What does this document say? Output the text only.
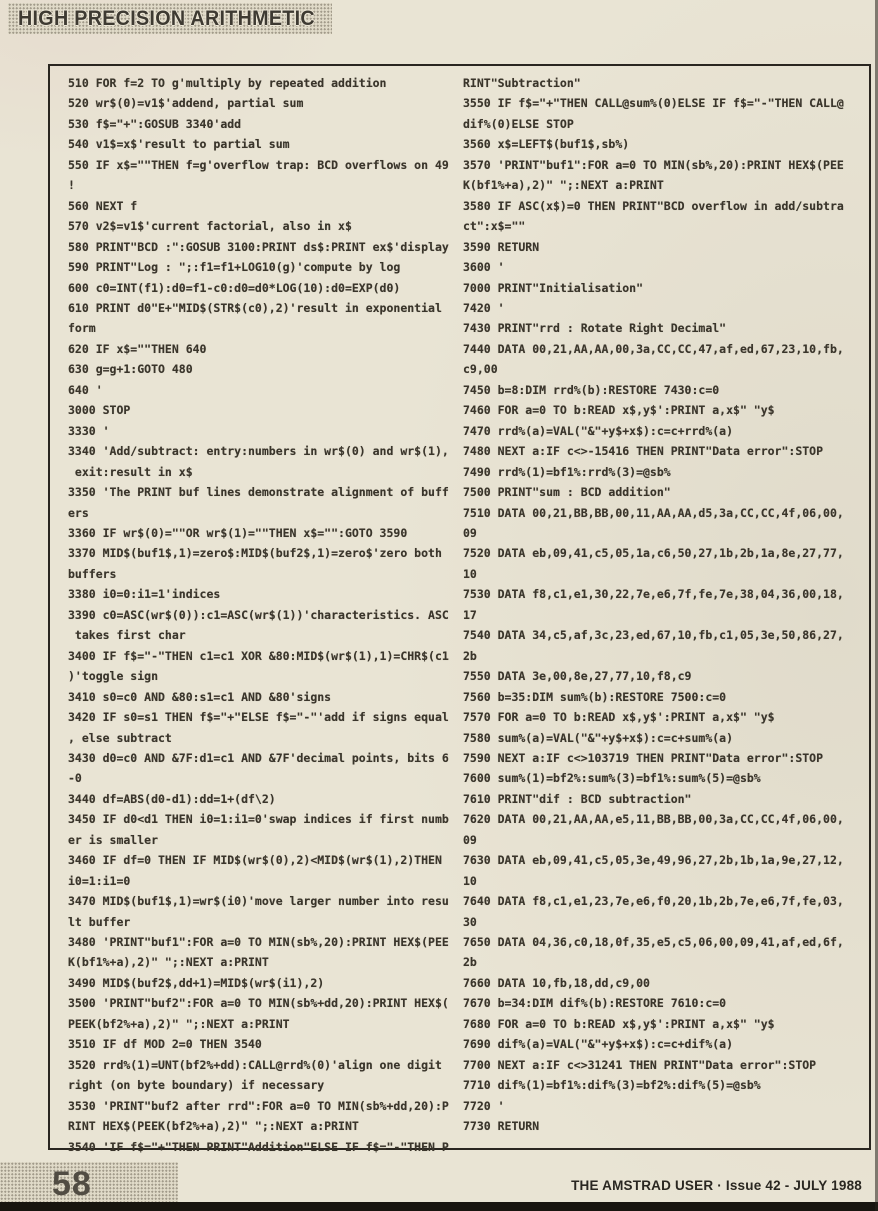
HIGH PRECISION ARITHMETIC
510 FOR f=2 TO g'multiply by repeated addition
520 wr$(0)=v1$'addend, partial sum
530 f$="+":GOSUB 3340'add
540 v1$=x$'result to partial sum
550 IF x$=""THEN f=g'overflow trap: BCD overflows on 49
!
560 NEXT f
570 v2$=v1$'current factorial, also in x$
580 PRINT"BCD :":GOSUB 3100:PRINT ds$:PRINT ex$'display
590 PRINT"Log : ";:f1=f1+LOG10(g)'compute by log
600 c0=INT(f1):d0=f1-c0:d0=d0*LOG(10):d0=EXP(d0)
610 PRINT d0"E+"MID$(STR$(c0),2)'result in exponential
form
620 IF x$=""THEN 640
630 g=g+1:GOTO 480
640 '
3000 STOP
3330 '
3340 'Add/subtract: entry:numbers in wr$(0) and wr$(1),
exit:result in x$
3350 'The PRINT buf lines demonstrate alignment of buff
ers
3360 IF wr$(0)=""OR wr$(1)=""THEN x$="":GOTO 3590
3370 MID$(buf1$,1)=zero$:MID$(buf2$,1)=zero$'zero both
buffers
3380 i0=0:i1=1'indices
3390 c0=ASC(wr$(0)):c1=ASC(wr$(1))'characteristics. ASC
takes first char
3400 IF f$="-"THEN c1=c1 XOR &80:MID$(wr$(1),1)=CHR$(c1
)'toggle sign
3410 s0=c0 AND &80:s1=c1 AND &80'signs
3420 IF s0=s1 THEN f$="+"ELSE f$="-"'add if signs equal
, else subtract
3430 d0=c0 AND &7F:d1=c1 AND &7F'decimal points, bits 6
-0
3440 df=ABS(d0-d1):dd=1+(df\2)
3450 IF d0<d1 THEN i0=1:i1=0'swap indices if first numb
er is smaller
3460 IF df=0 THEN IF MID$(wr$(0),2)<MID$(wr$(1),2)THEN
i0=1:i1=0
3470 MID$(buf1$,1)=wr$(i0)'move larger number into resu
lt buffer
3480 'PRINT"buf1":FOR a=0 TO MIN(sb%,20):PRINT HEX$(PEE
K(bf1%+a),2)" ";:NEXT a:PRINT
3490 MID$(buf2$,dd+1)=MID$(wr$(i1),2)
3500 'PRINT"buf2":FOR a=0 TO MIN(sb%+dd,20):PRINT HEX$(
PEEK(bf2%+a),2)" ";:NEXT a:PRINT
3510 IF df MOD 2=0 THEN 3540
3520 rrd%(1)=UNT(bf2%+dd):CALL@rrd%(0)'align one digit
right (on byte boundary) if necessary
3530 'PRINT"buf2 after rrd":FOR a=0 TO MIN(sb%+dd,20):P
RINT HEX$(PEEK(bf2%+a),2)" ";:NEXT a:PRINT
3540 'IF f$="+"THEN PRINT"Addition"ELSE IF f$="-"THEN P
RINT"Subtraction"
3550 IF f$="+"THEN CALL@sum%(0)ELSE IF f$="-"THEN CALL@
dif%(0)ELSE STOP
3560 x$=LEFT$(buf1$,sb%)
3570 'PRINT"buf1":FOR a=0 TO MIN(sb%,20):PRINT HEX$(PEE
K(bf1%+a),2)" ";:NEXT a:PRINT
3580 IF ASC(x$)=0 THEN PRINT"BCD overflow in add/subtra
ct":x$=""
3590 RETURN
3600 '
7000 PRINT"Initialisation"
7420 '
7430 PRINT"rrd : Rotate Right Decimal"
7440 DATA 00,21,AA,AA,00,3a,CC,CC,47,af,ed,67,23,10,fb,
c9,00
7450 b=8:DIM rrd%(b):RESTORE 7430:c=0
7460 FOR a=0 TO b:READ x$,y$':PRINT a,x$" "y$
7470 rrd%(a)=VAL("&"+y$+x$):c=c+rrd%(a)
7480 NEXT a:IF c<>-15416 THEN PRINT"Data error":STOP
7490 rrd%(1)=bf1%:rrd%(3)=@sb%
7500 PRINT"sum : BCD addition"
7510 DATA 00,21,BB,BB,00,11,AA,AA,d5,3a,CC,CC,4f,06,00,
09
7520 DATA eb,09,41,c5,05,1a,c6,50,27,1b,2b,1a,8e,27,77,
10
7530 DATA f8,c1,e1,30,22,7e,e6,7f,fe,7e,38,04,36,00,18,
17
7540 DATA 34,c5,af,3c,23,ed,67,10,fb,c1,05,3e,50,86,27,
2b
7550 DATA 3e,00,8e,27,77,10,f8,c9
7560 b=35:DIM sum%(b):RESTORE 7500:c=0
7570 FOR a=0 TO b:READ x$,y$':PRINT a,x$" "y$
7580 sum%(a)=VAL("&"+y$+x$):c=c+sum%(a)
7590 NEXT a:IF c<>103719 THEN PRINT"Data error":STOP
7600 sum%(1)=bf2%:sum%(3)=bf1%:sum%(5)=@sb%
7610 PRINT"dif : BCD subtraction"
7620 DATA 00,21,AA,AA,e5,11,BB,BB,00,3a,CC,CC,4f,06,00,
09
7630 DATA eb,09,41,c5,05,3e,49,96,27,2b,1b,1a,9e,27,12,
10
7640 DATA f8,c1,e1,23,7e,e6,f0,20,1b,2b,7e,e6,7f,fe,03,
30
7650 DATA 04,36,c0,18,0f,35,e5,c5,06,00,09,41,af,ed,6f,
2b
7660 DATA 10,fb,18,dd,c9,00
7670 b=34:DIM dif%(b):RESTORE 7610:c=0
7680 FOR a=0 TO b:READ x$,y$':PRINT a,x$" "y$
7690 dif%(a)=VAL("&"+y$+x$):c=c+dif%(a)
7700 NEXT a:IF c<>31241 THEN PRINT"Data error":STOP
7710 dif%(1)=bf1%:dif%(3)=bf2%:dif%(5)=@sb%
7720 '
7730 RETURN
58	THE AMSTRAD USER · Issue 42 - JULY 1988
